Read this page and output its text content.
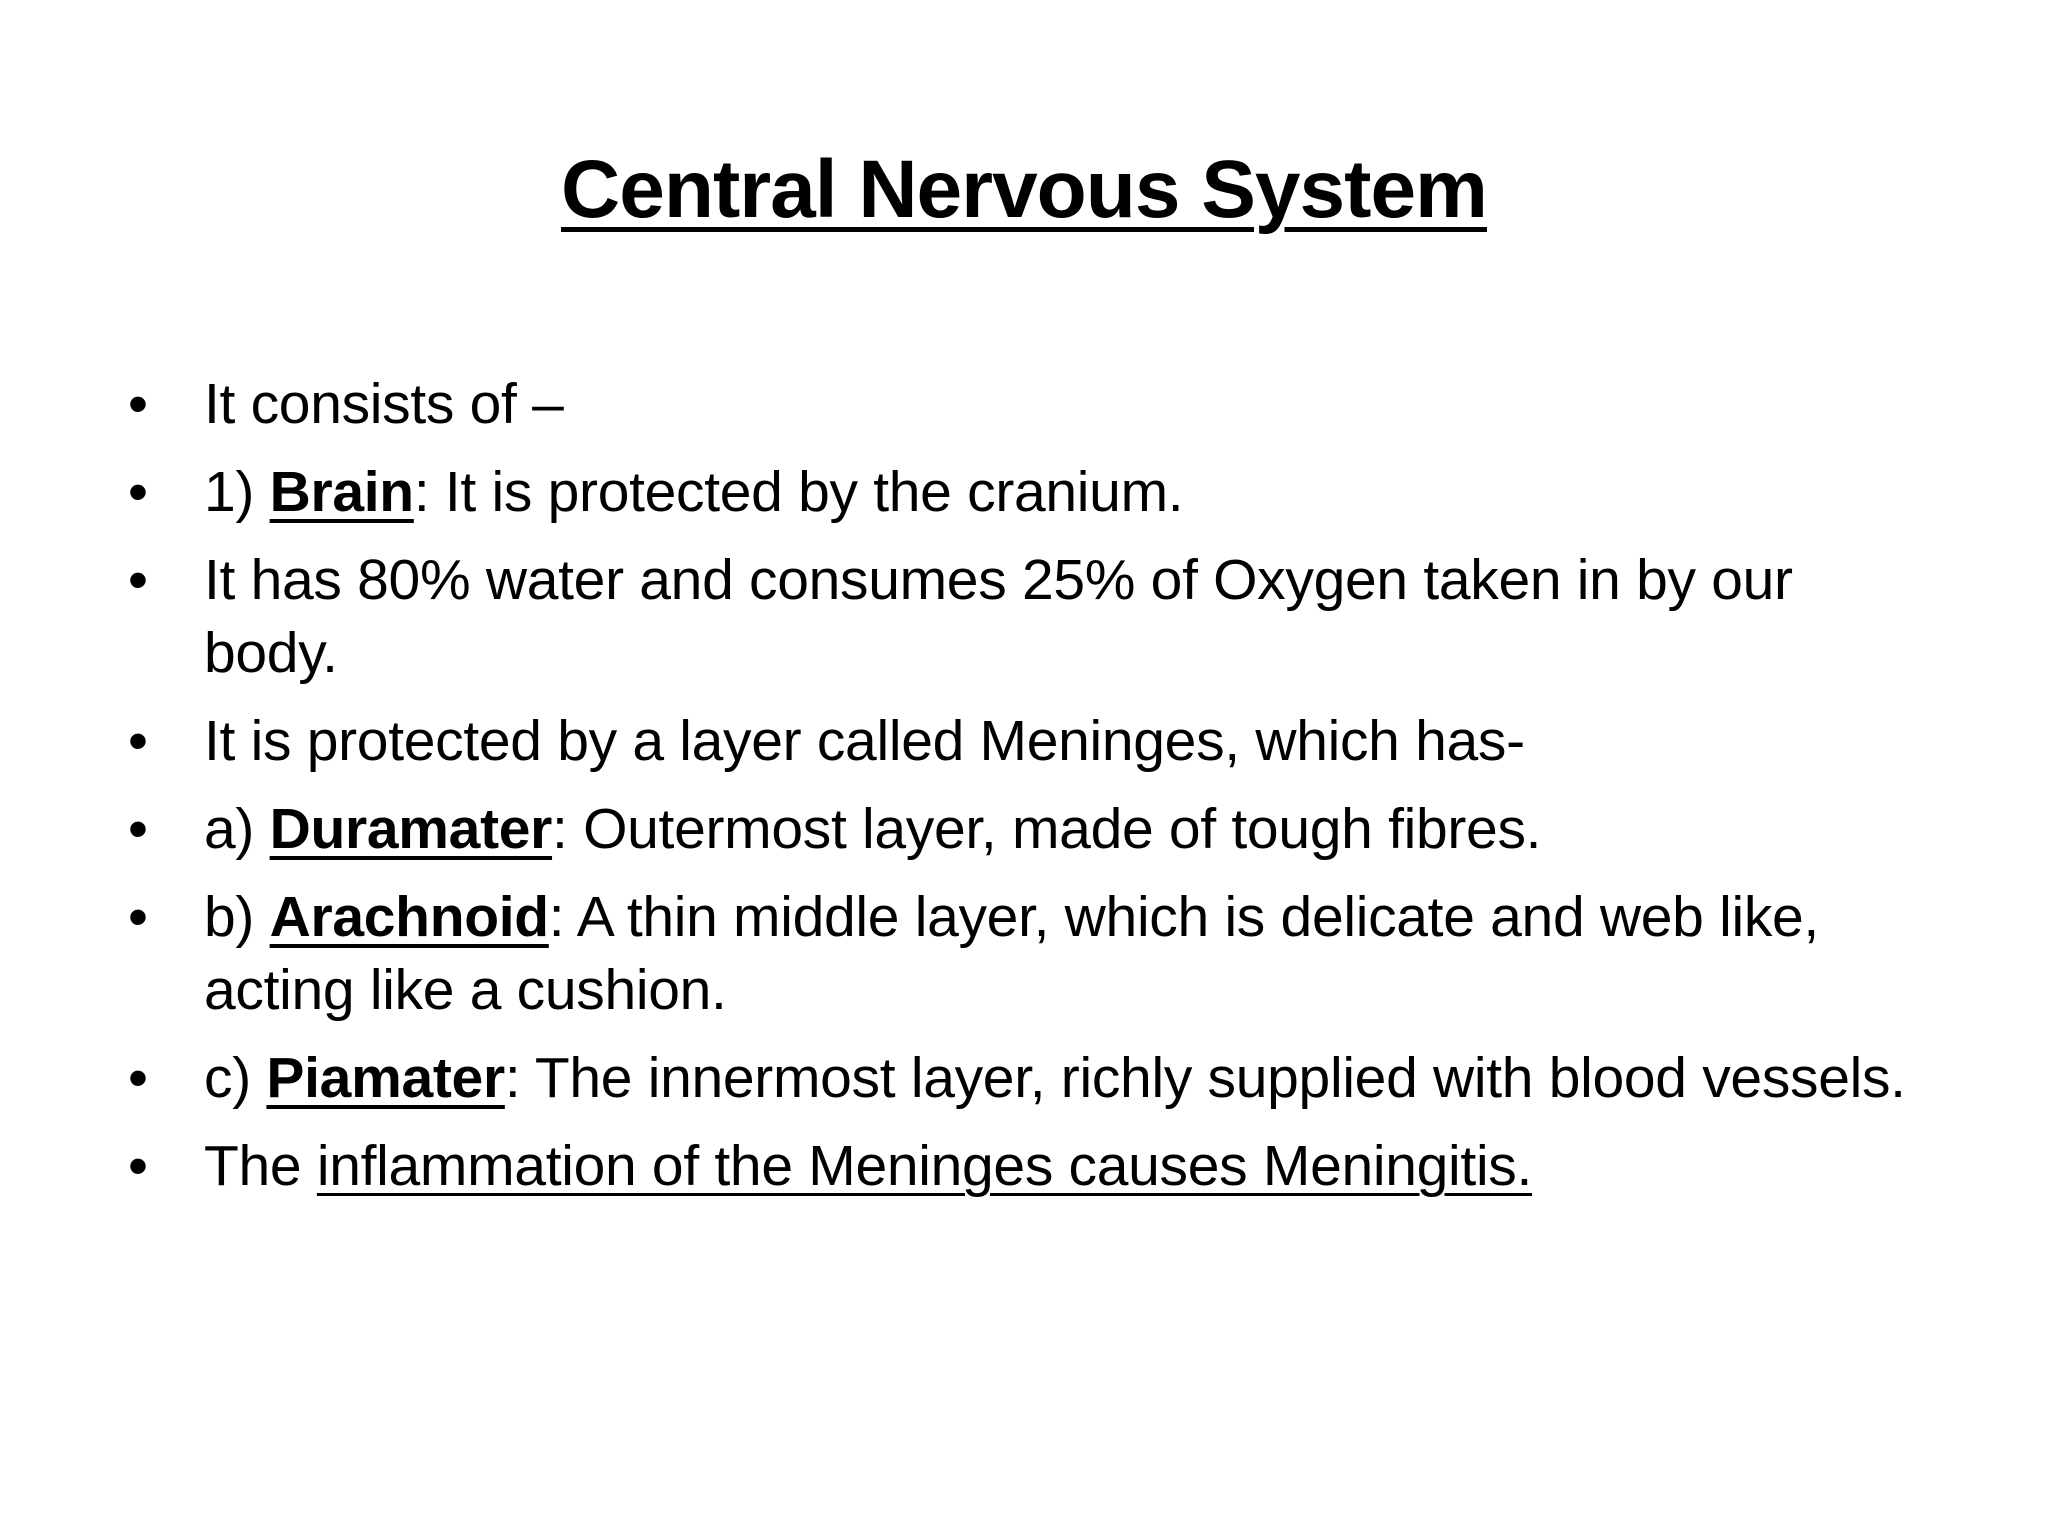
Central Nervous System
• It consists of –
• 1) Brain: It is protected by the cranium.
• It has 80% water and consumes 25% of Oxygen taken in by our body.
• It is protected by a layer called Meninges, which has-
• a) Duramater: Outermost layer, made of tough fibres.
• b) Arachnoid: A thin middle layer, which is delicate and web like, acting like a cushion.
• c) Piamater: The innermost layer, richly supplied with blood vessels.
• The inflammation of the Meninges causes Meningitis.
